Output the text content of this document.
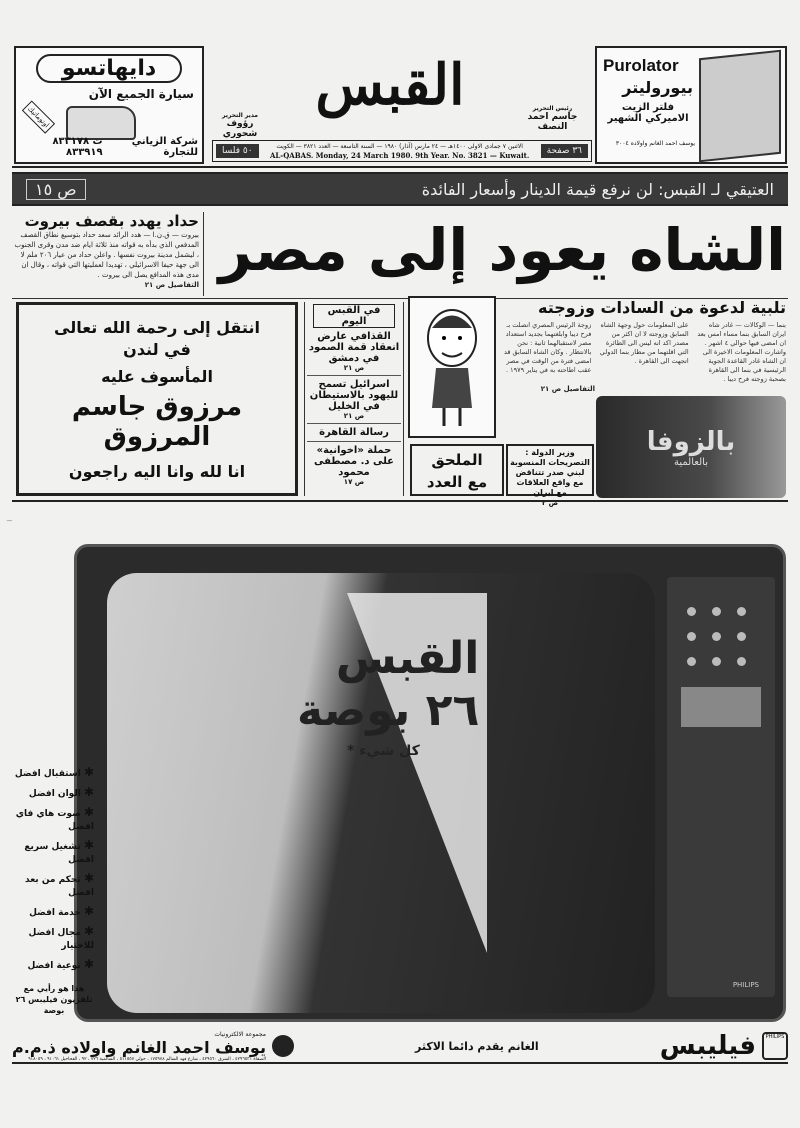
|
دايهاتسو
سيارة الجميع الآن
اوتوماتيك
شركة الزياني للتجارة
ت ٨٣٣١٧٨ ٨٣٣٩١٩
مدير التحرير
رؤوف شحوري
القبس	رئيس التحرير
جاسم احمد النصف
٥٠ فلسا	الاثنين ٧ جمادى الاولى ١٤٠٠هـ — ٢٤ مارس (آذار) ١٩٨٠ — السنة التاسعة — العدد ٣٨٢١ — الكويت
AL-QABAS. Monday, 24 March 1980. 9th Year. No. 3821 — Kuwait.	٣٦ صفحة
Purolator
بيوروليتر
فلتر الزيت الاميركي الشهير
يوسف احمد الغانم واولاده ٣٠٠٤
العتيقي لـ القبس: لن نرفع قيمة الدينار وأسعار الفائدة
ص ١٥
الشاه يعود إلى مصر
حداد يهدد بقصف بيروت

بيروت — ق.ن.ا — هدد الرائد سعد حداد بتوسيع نطاق القصف المدفعي الذي بدأه به قواته منذ ثلاثة ايام ضد مدن وقرى الجنوب ، ليشمل مدينة بيروت نفسها . واعلن حداد من عيار ٢٠٦ ملم لا الى جهة حيفا الاسرائيلي ، تهديدا لعمليتها التي قواته ، وقال ان مدى هذه المدافع يصل الى بيروت .

التفاصيل ص ٢١

انتقل إلى رحمة الله تعالى
في لندن
المأسوف عليه
مرزوق جاسم المرزوق
انا لله وانا اليه راجعون
في القبس اليوم
القذافي عارض انعقاد قمة الصمود في دمشق
ص ٢١
اسرائيل تسمح لليهود بالاستيطان في الخليل
ص ٢١
رسالة القاهرة
حملة «اخوانية» على د. مصطفى محمود
ص ١٧
تلبية لدعوة من السادات وزوجته

بنما — الوكالات — غادر شاه ايران السابق بنما مساء امس بعد ان امضى فيها حوالي ٤ اشهر . واشارت المعلومات الاخيرة الى ان الشاه غادر القاعدة الجوية الرئيسية في بنما الى القاهرة بصحبة زوجته فرح ديبا .

على المعلومات حول وجهة الشاه السابق وزوجته لا ان اكثر من مصدر اكد انه ليس الى الطائرة التي اقلتهما من مطار بنما الدولي اتجهت الى القاهرة .

زوجة الرئيس المصري انصلت بـ فرح ديبا وابلغتهما بجديد استعداد مصر لاستقبالهما ثانية : نحن بالانتظار . وكان الشاه السابق قد امضى فترة من الوقت في مصر عقب اطاحته به في يناير ١٩٧٩ .

التفاصيل ص ٢١

الملحق
مع العدد
وزير الدولة : التصريحات المنسوبة لبني صدر تتناقض مع واقع العلاقات مع ايران
ص ٢
بالزوفا
بالعالمية
القبس
٢٦ بوصة
كل شيء *
PHILIPS
✱ استقبال افضل
✱ الوان افضل
✱ صوت هاي فاي افضل
✱ تشغيل سريع افضل
✱ تحكم من بعد افضل
✱ خدمة افضل
✱ مجال افضل للاختيار
✱ نوعية افضل
هذا هو رأيي مع تلفزيون فيليبس ٢٦ بوصة
PHILIPS
فيليبس
الغانم يقدم دائما الاكثر
مجموعة الالكترونيات
يوسف احمد الغانم واولاده ذ.م.م
الصفاة ٤٢٩٦٥٣١ ، الشرق ٤٢٩٥٦٠ ، شارع فهد السالم ١٧٥٩٧٨ ، حولي ٥١١٥٥٧ ، السالمية ٧٢٦ ، ٩٢ ، الفحاحيل ٩١٠٦١ ، ٩١٨٠٥٩
